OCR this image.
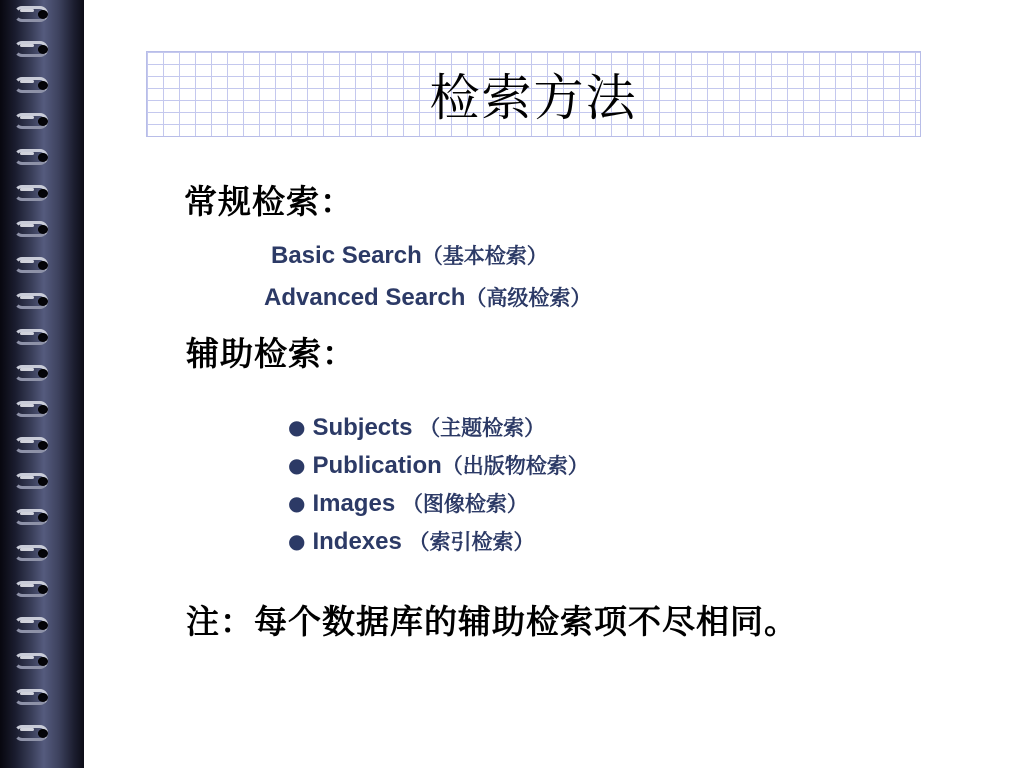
检索方法
常规检索：
Basic Search（基本检索）
Advanced Search（高级检索）
辅助检索：
● Subjects （主题检索）
● Publication（出版物检索）
● Images （图像检索）
● Indexes （索引检索）
注：每个数据库的辅助检索项不尽相同。
